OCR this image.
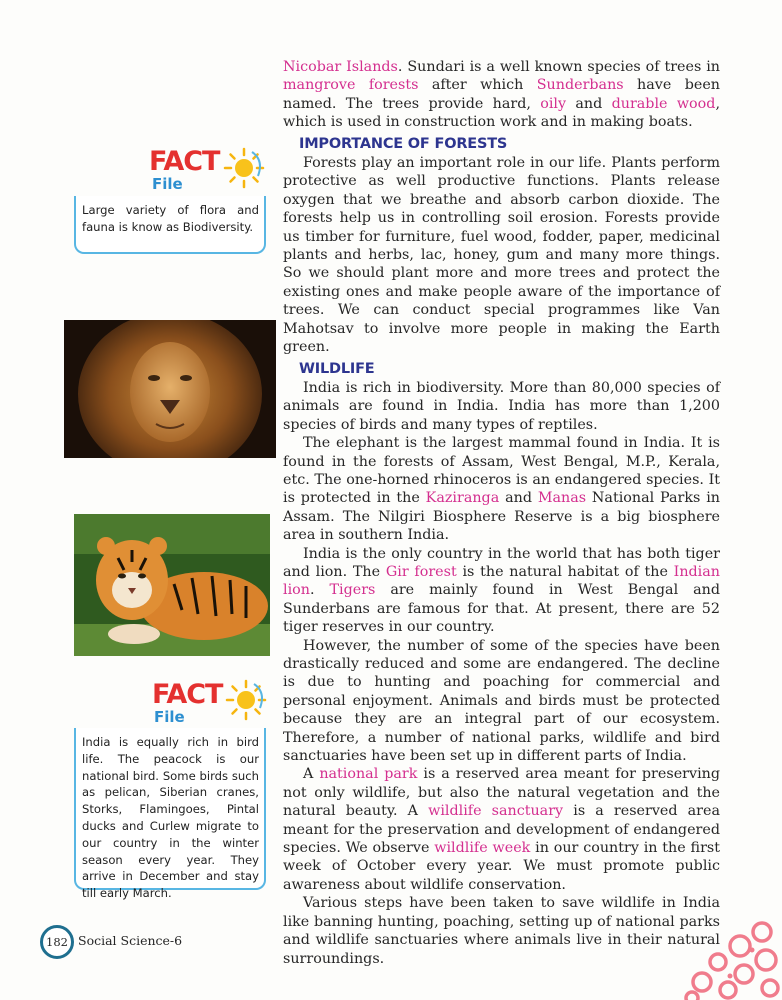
Nicobar Islands. Sundari is a well known species of trees in mangrove forests after which Sunderbans have been named. The trees provide hard, oily and durable wood, which is used in construction work and in making boats.

IMPORTANCE OF FORESTS

Forests play an important role in our life. Plants perform protective as well productive functions. Plants release oxygen that we breathe and absorb carbon dioxide. The forests help us in controlling soil erosion. Forests provide us timber for furniture, fuel wood, fodder, paper, medicinal plants and herbs, lac, honey, gum and many more things. So we should plant more and more trees and protect the existing ones and make people aware of the importance of trees. We can conduct special programmes like Van Mahotsav to involve more people in making the Earth green.

WILDLIFE

India is rich in biodiversity. More than 80,000 species of animals are found in India. India has more than 1,200 species of birds and many types of reptiles.

The elephant is the largest mammal found in India. It is found in the forests of Assam, West Bengal, M.P., Kerala, etc. The one-horned rhinoceros is an endangered species. It is protected in the Kaziranga and Manas National Parks in Assam. The Nilgiri Biosphere Reserve is a big biosphere area in southern India.

India is the only country in the world that has both tiger and lion. The Gir forest is the natural habitat of the Indian lion. Tigers are mainly found in West Bengal and Sunderbans are famous for that. At present, there are 52 tiger reserves in our country.

However, the number of some of the species have been drastically reduced and some are endangered. The decline is due to hunting and poaching for commercial and personal enjoyment. Animals and birds must be protected because they are an integral part of our ecosystem. Therefore, a number of national parks, wildlife and bird sanctuaries have been set up in different parts of India.

A national park is a reserved area meant for preserving not only wildlife, but also the natural vegetation and the natural beauty. A wildlife sanctuary is a reserved area meant for the preservation and development of endangered species. We observe wildlife week in our country in the first week of October every year. We must promote public awareness about wildlife conservation.

Various steps have been taken to save wildlife in India like banning hunting, poaching, setting up of national parks and wildlife sanctuaries where animals live in their natural surroundings.

FACT
File

Large variety of flora and fauna is know as Biodiversity.

FACT
File

India is equally rich in bird life. The peacock is our national bird. Some birds such as pelican, Siberian cranes, Storks, Flamingoes, Pintal ducks and Curlew migrate to our country in the winter season every year. They arrive in December and stay till early March.

182 Social Science-6
